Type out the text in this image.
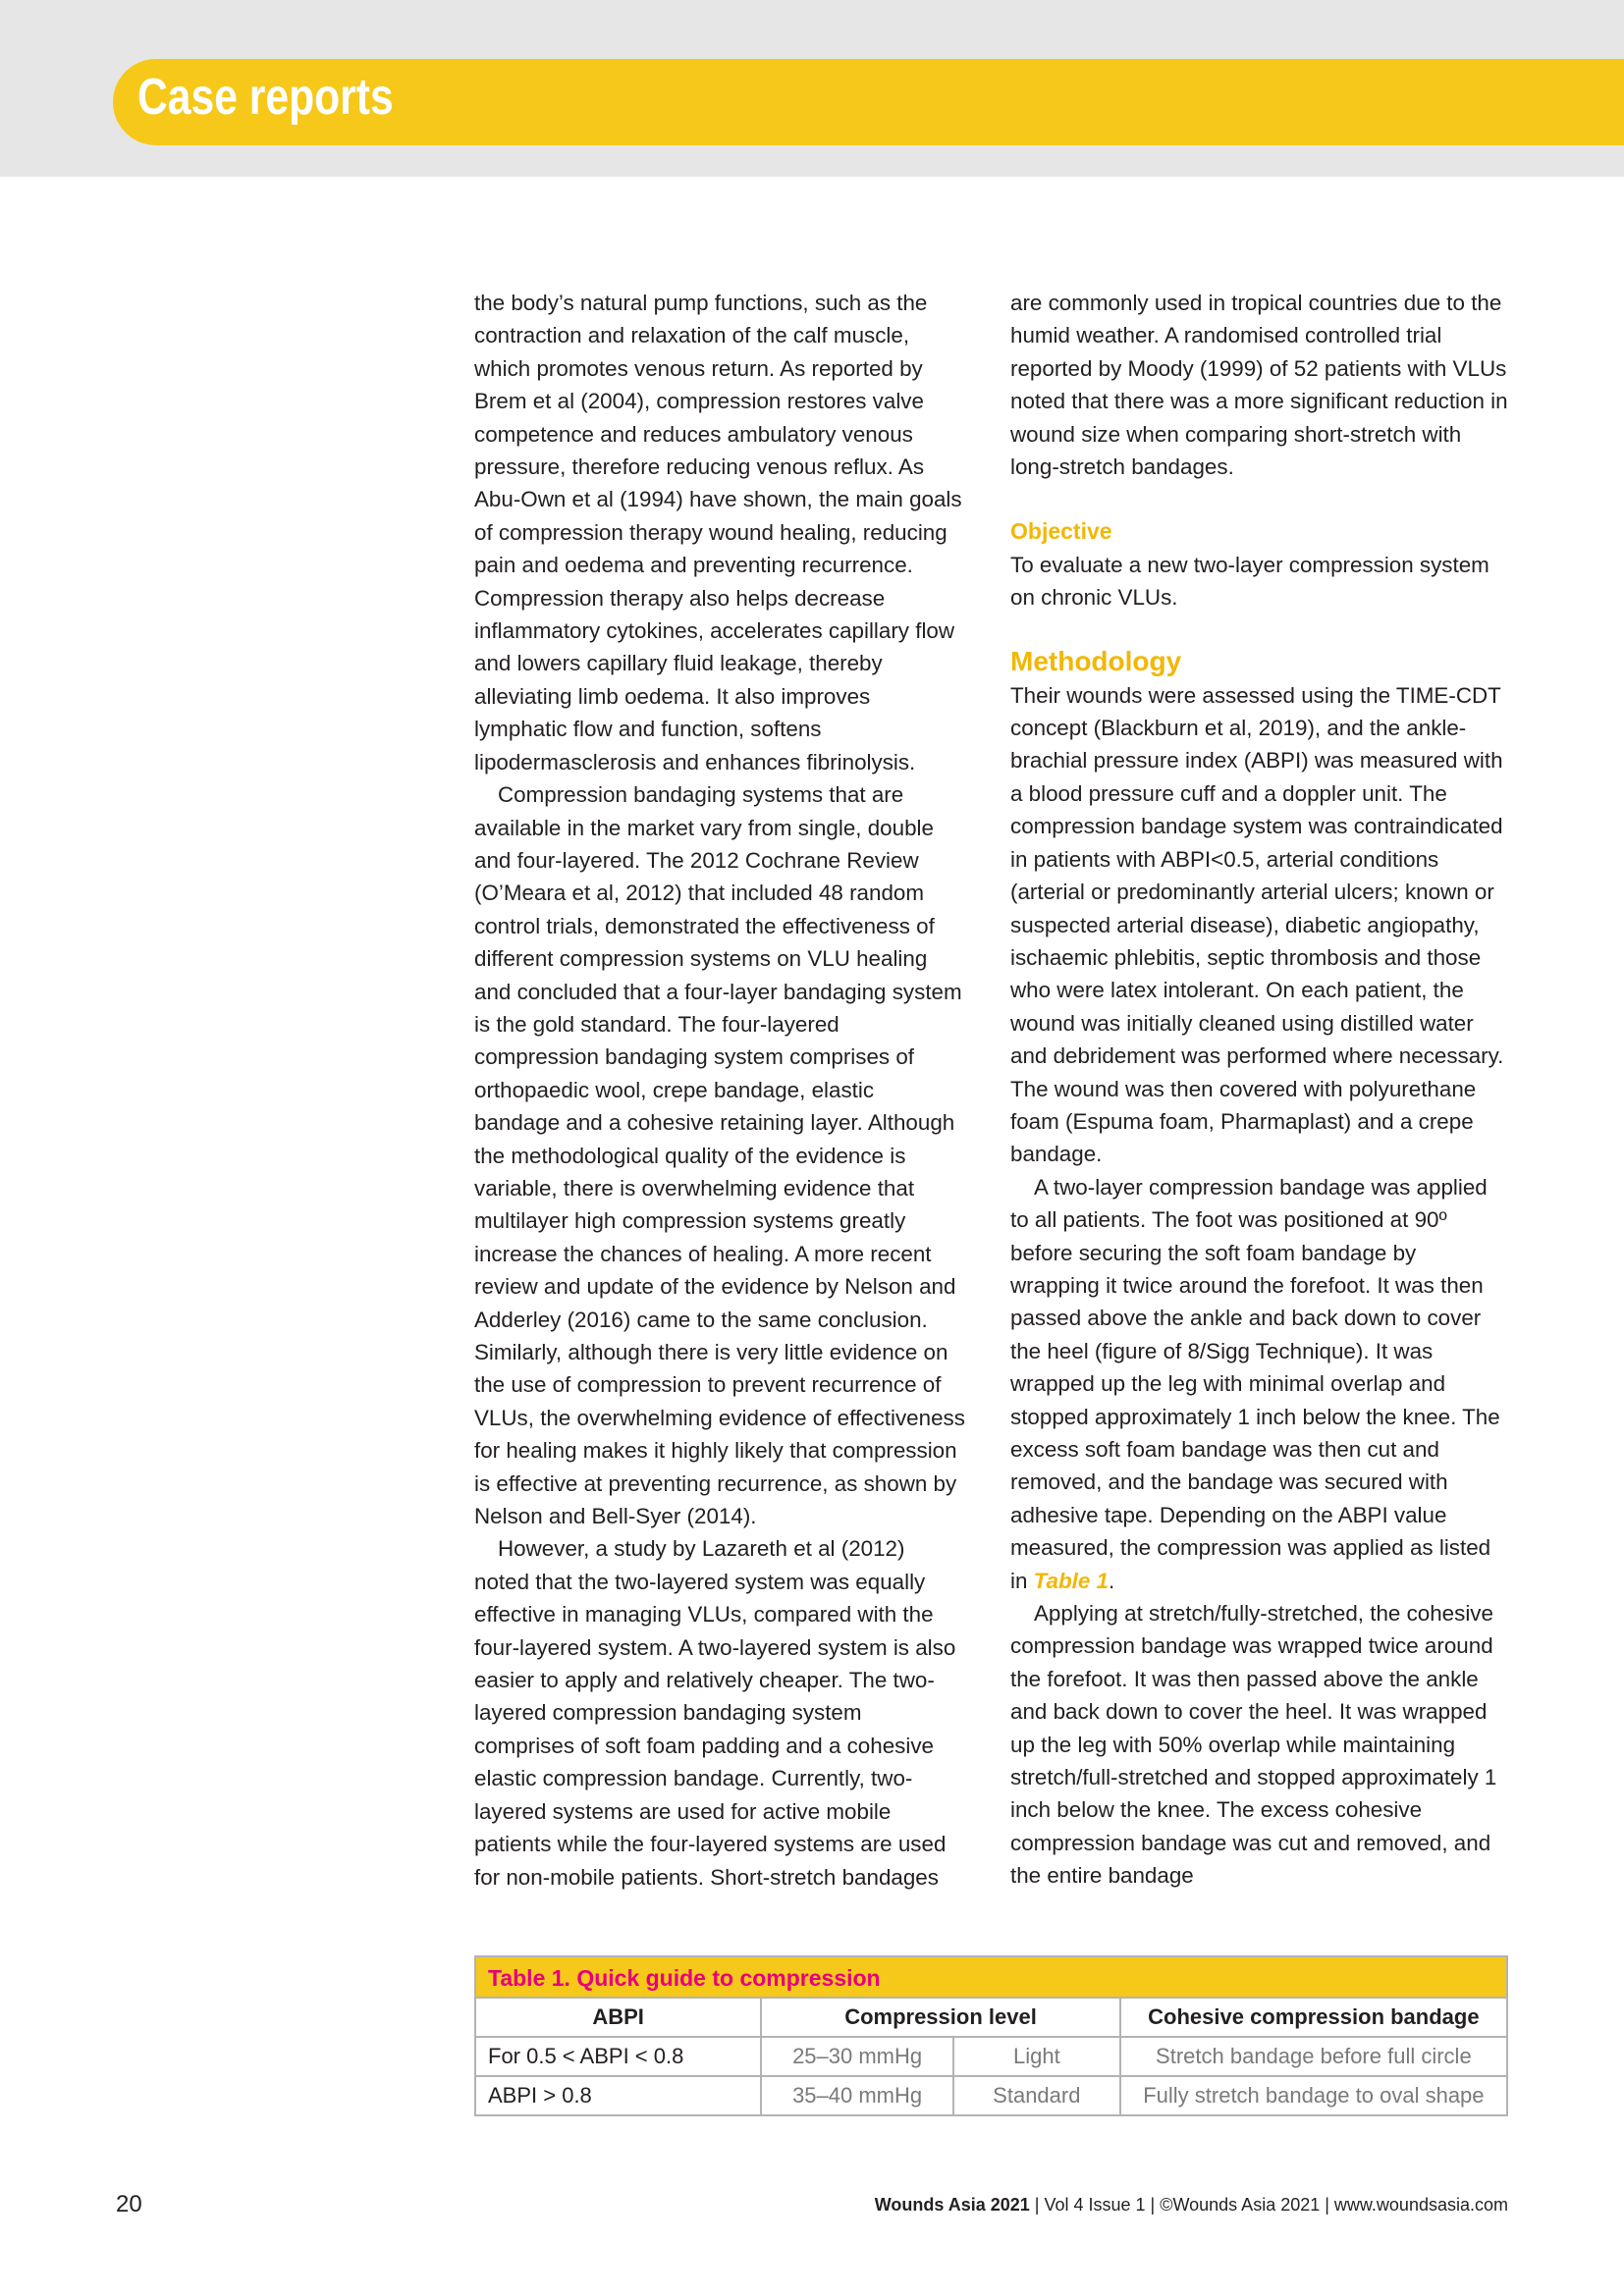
Case reports

the body’s natural pump functions, such as the contraction and relaxation of the calf muscle, which promotes venous return. As reported by Brem et al (2004), compression restores valve competence and reduces ambulatory venous pressure, therefore reducing venous reflux. As Abu-Own et al (1994) have shown, the main goals of compression therapy wound healing, reducing pain and oedema and preventing recurrence. Compression therapy also helps decrease inflammatory cytokines, accelerates capillary flow and lowers capillary fluid leakage, thereby alleviating limb oedema. It also improves lymphatic flow and function, softens lipodermasclerosis and enhances fibrinolysis.

Compression bandaging systems that are available in the market vary from single, double and four-layered. The 2012 Cochrane Review (O’Meara et al, 2012) that included 48 random control trials, demonstrated the effectiveness of different compression systems on VLU healing and concluded that a four-layer bandaging system is the gold standard. The four-layered compression bandaging system comprises of orthopaedic wool, crepe bandage, elastic bandage and a cohesive retaining layer. Although the methodological quality of the evidence is variable, there is overwhelming evidence that multilayer high compression systems greatly increase the chances of healing. A more recent review and update of the evidence by Nelson and Adderley (2016) came to the same conclusion. Similarly, although there is very little evidence on the use of compression to prevent recurrence of VLUs, the overwhelming evidence of effectiveness for healing makes it highly likely that compression is effective at preventing recurrence, as shown by Nelson and Bell-Syer (2014).

However, a study by Lazareth et al (2012) noted that the two-layered system was equally effective in managing VLUs, compared with the four-layered system. A two-layered system is also easier to apply and relatively cheaper. The two-layered compression bandaging system comprises of soft foam padding and a cohesive elastic compression bandage. Currently, two-layered systems are used for active mobile patients while the four-layered systems are used for non-mobile patients. Short-stretch bandages

are commonly used in tropical countries due to the humid weather. A randomised controlled trial reported by Moody (1999) of 52 patients with VLUs noted that there was a more significant reduction in wound size when comparing short-stretch with long-stretch bandages.

Objective

To evaluate a new two-layer compression system on chronic VLUs.

Methodology

Their wounds were assessed using the TIME-CDT concept (Blackburn et al, 2019), and the ankle-brachial pressure index (ABPI) was measured with a blood pressure cuff and a doppler unit. The compression bandage system was contraindicated in patients with ABPI<0.5, arterial conditions (arterial or predominantly arterial ulcers; known or suspected arterial disease), diabetic angiopathy, ischaemic phlebitis, septic thrombosis and those who were latex intolerant. On each patient, the wound was initially cleaned using distilled water and debridement was performed where necessary. The wound was then covered with polyurethane foam (Espuma foam, Pharmaplast) and a crepe bandage.

A two-layer compression bandage was applied to all patients. The foot was positioned at 90º before securing the soft foam bandage by wrapping it twice around the forefoot. It was then passed above the ankle and back down to cover the heel (figure of 8/Sigg Technique). It was wrapped up the leg with minimal overlap and stopped approximately 1 inch below the knee. The excess soft foam bandage was then cut and removed, and the bandage was secured with adhesive tape. Depending on the ABPI value measured, the compression was applied as listed in Table 1.

Applying at stretch/fully-stretched, the cohesive compression bandage was wrapped twice around the forefoot. It was then passed above the ankle and back down to cover the heel. It was wrapped up the leg with 50% overlap while maintaining stretch/full-stretched and stopped approximately 1 inch below the knee. The excess cohesive compression bandage was cut and removed, and the entire bandage

Table 1. Quick guide to compression
ABPI	Compression level		Cohesive compression bandage
For 0.5 < ABPI < 0.8	25–30 mmHg	Light	Stretch bandage before full circle
ABPI > 0.8	35–40 mmHg	Standard	Fully stretch bandage to oval shape
20	Wounds Asia 2021 | Vol 4 Issue 1 | ©Wounds Asia 2021 | www.woundsasia.com
